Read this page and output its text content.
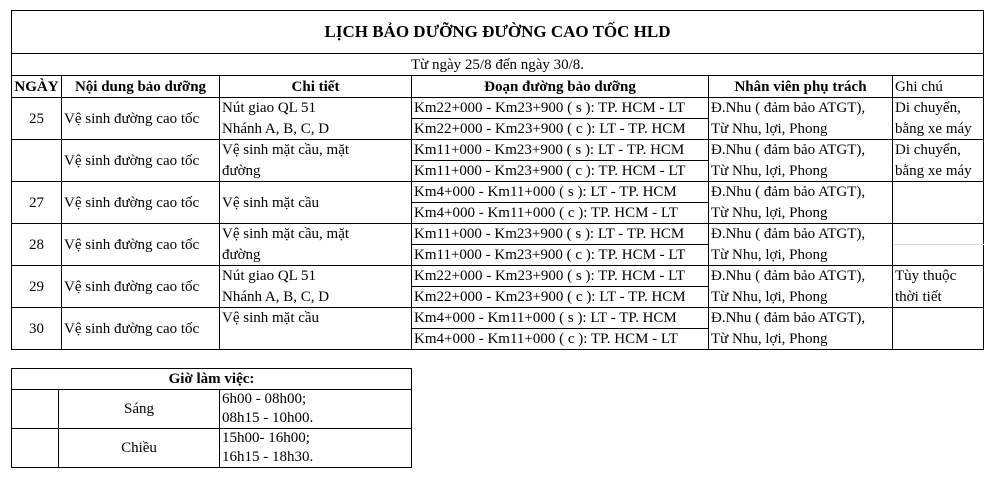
LỊCH BẢO DƯỠNG ĐƯỜNG CAO TỐC HLD					
Từ ngày 25/8 đến ngày 30/8.					
NGÀY	Nội dung bảo dưỡng	Chi tiết	Đoạn đường bảo dưỡng	Nhân viên phụ trách	Ghi chú
25	Vệ sinh đường cao tốc	Nút giao QL 51	Km22+000 - Km23+900 ( s ): TP. HCM - LT	Đ.Nhu ( đảm bảo ATGT),	Di chuyển,
		Nhánh A, B, C, D	Km22+000 - Km23+900 ( c ): LT - TP. HCM	Từ Nhu, lợi, Phong	bằng xe máy
	Vệ sinh đường cao tốc	Vệ sinh mặt cầu, mặt	Km11+000 - Km23+900 ( s ): LT - TP. HCM	Đ.Nhu ( đảm bảo ATGT),	Di chuyển,
		đường	Km11+000 - Km23+900 ( c ): TP. HCM - LT	Từ Nhu, lợi, Phong	bằng xe máy
27	Vệ sinh đường cao tốc	Vệ sinh mặt cầu	Km4+000 - Km11+000 ( s ): LT - TP. HCM	Đ.Nhu ( đảm bảo ATGT),	
			Km4+000 - Km11+000 ( c ): TP. HCM - LT	Từ Nhu, lợi, Phong	
28	Vệ sinh đường cao tốc	Vệ sinh mặt cầu, mặt	Km11+000 - Km23+900 ( s ): LT - TP. HCM	Đ.Nhu ( đảm bảo ATGT),	
		đường	Km11+000 - Km23+900 ( c ): TP. HCM - LT	Từ Nhu, lợi, Phong	
29	Vệ sinh đường cao tốc	Nút giao QL 51	Km22+000 - Km23+900 ( s ): TP. HCM - LT	Đ.Nhu ( đảm bảo ATGT),	Tùy thuộc
		Nhánh A, B, C, D	Km22+000 - Km23+900 ( c ): LT - TP. HCM	Từ Nhu, lợi, Phong	thời tiết
30	Vệ sinh đường cao tốc	Vệ sinh mặt cầu	Km4+000 - Km11+000 ( s ): LT - TP. HCM	Đ.Nhu ( đảm bảo ATGT),	
			Km4+000 - Km11+000 ( c ): TP. HCM - LT	Từ Nhu, lợi, Phong	
Giờ làm việc:		
	Sáng	6h00 - 08h00;
		08h15 - 10h00.
	Chiều	15h00- 16h00;
		16h15 - 18h30.
